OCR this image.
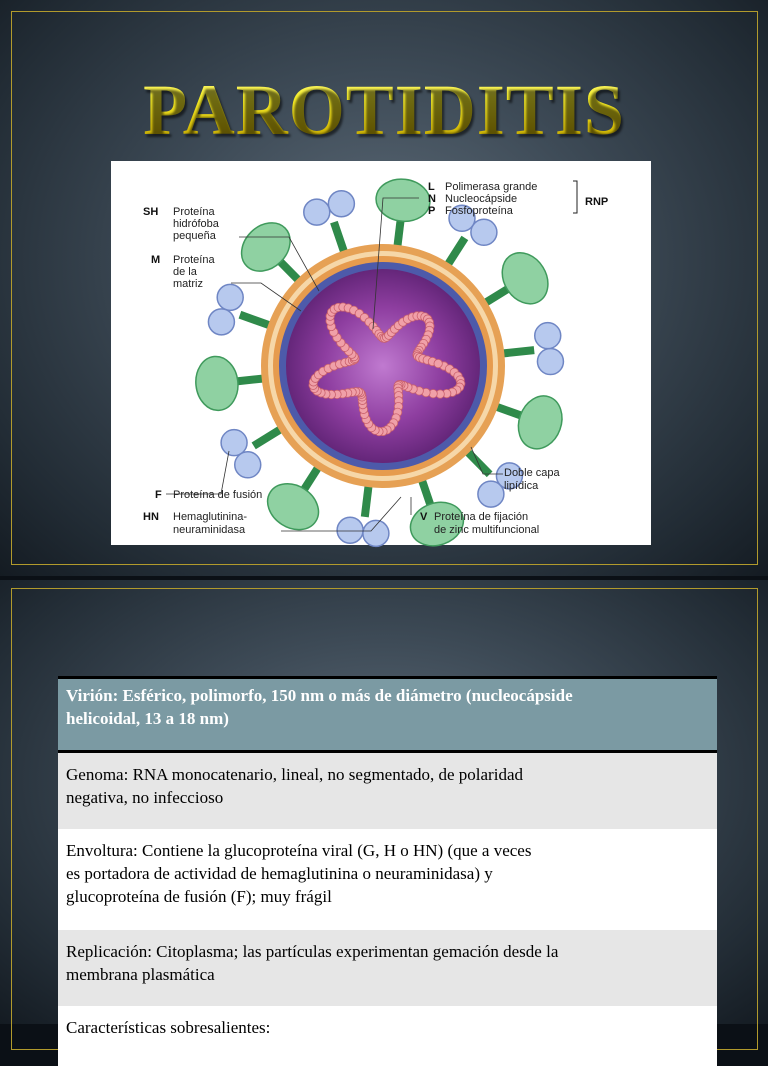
PAROTIDITIS
L Polimerasa grande
N Nucleocápside
P Fosfoproteína
RNP
SH Proteína
hidrófoba
pequeña
M Proteína
de la
matriz
Doble capa
lipídica
F Proteína de fusión
HN Hemaglutinina-
neuraminidasa
V Proteína de fijación
de zinc multifuncional
Virión: Esférico, polimorfo, 150 nm o más de diámetro (nucleocápside
helicoidal, 13 a 18 nm)
Genoma: RNA monocatenario, lineal, no segmentado, de polaridad
negativa, no infeccioso
Envoltura: Contiene la glucoproteína viral (G, H o HN) (que a veces
es portadora de actividad de hemaglutinina o neuraminidasa) y
glucoproteína de fusión (F); muy frágil
Replicación: Citoplasma; las partículas experimentan gemación desde la
membrana plasmática
Características sobresalientes:
